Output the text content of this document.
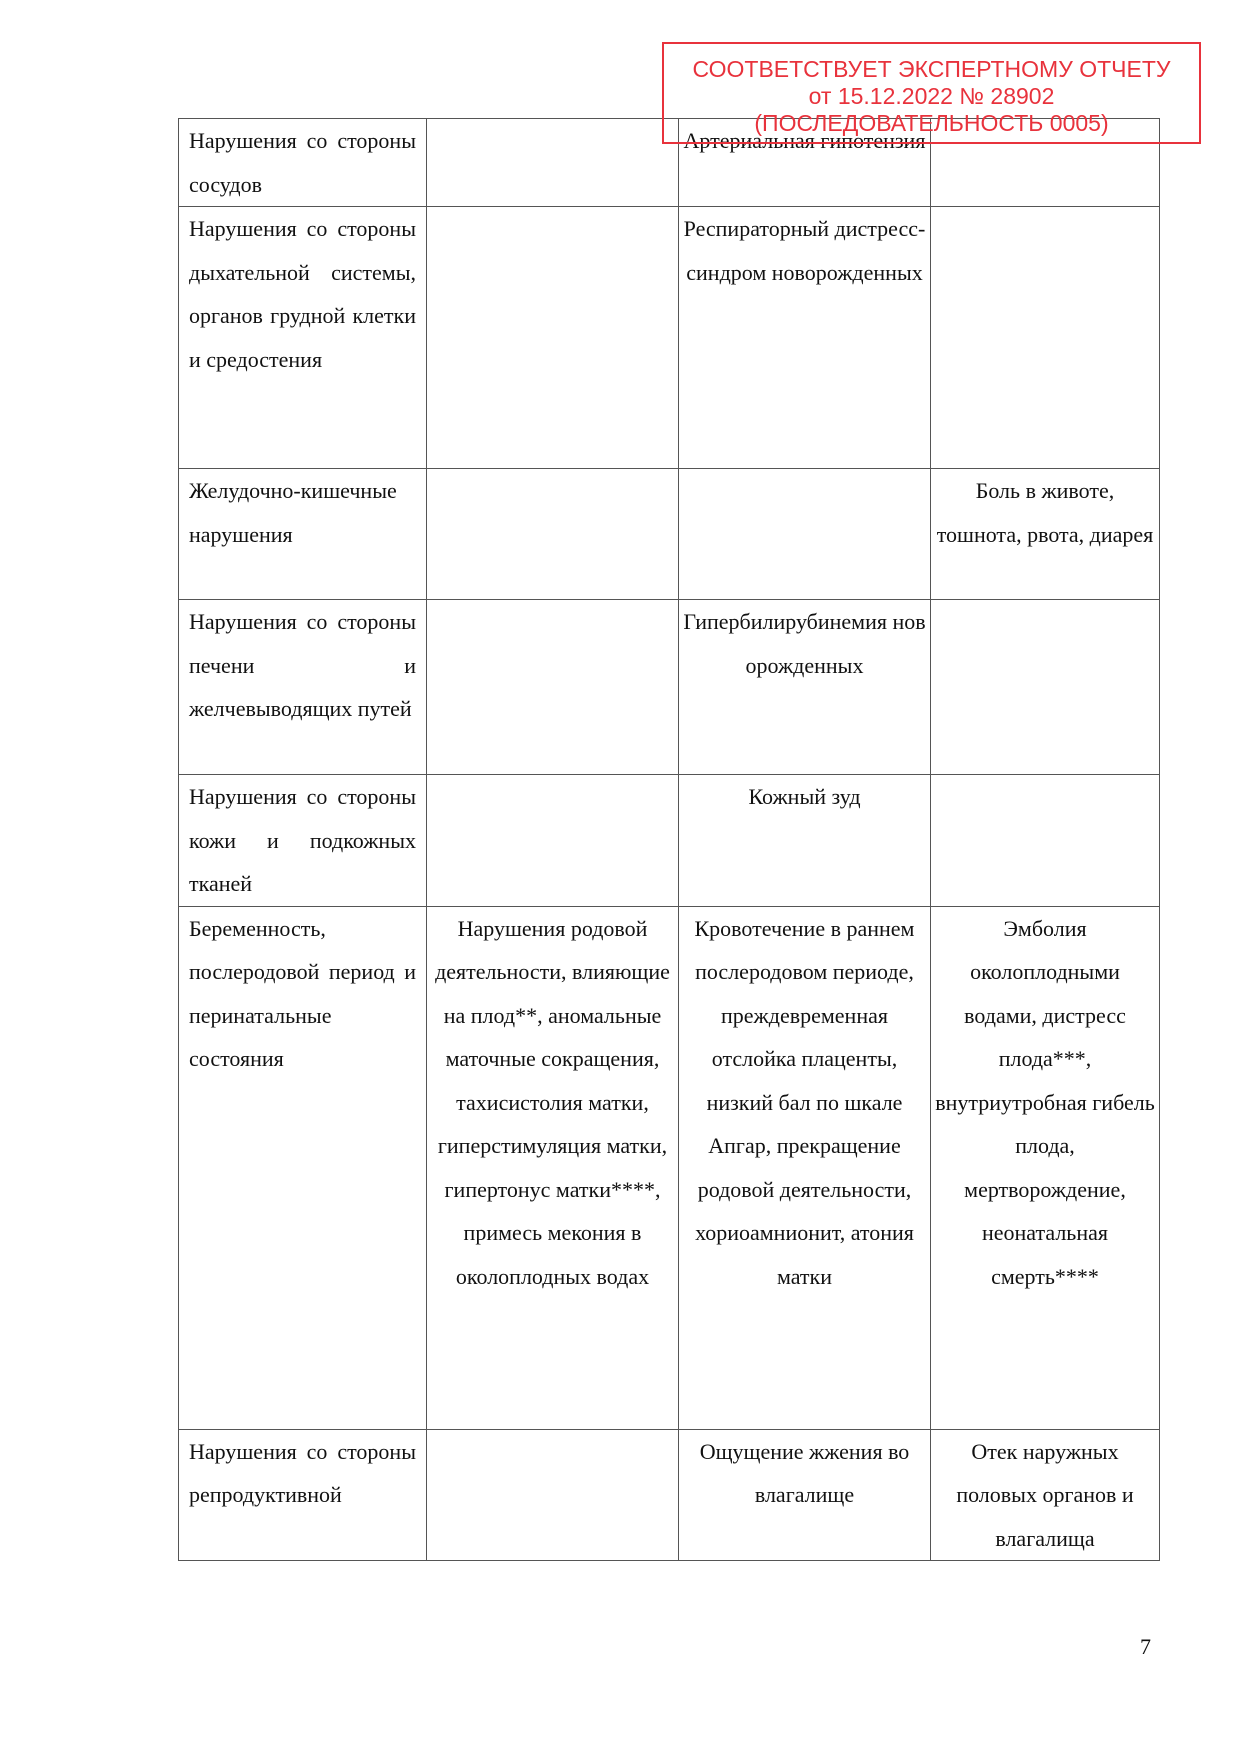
СООТВЕТСТВУЕТ ЭКСПЕРТНОМУ ОТЧЕТУ
от 15.12.2022 № 28902
(ПОСЛЕДОВАТЕЛЬНОСТЬ 0005)
Нарушения со стороны сосудов		Артериальная гипотензия	
Нарушения со стороны дыхательной системы, органов грудной клетки и средостения		Респираторный дистресс-синдром новорожденных	
Желудочно-кишечные нарушения			Боль в животе, тошнота, рвота, диарея
Нарушения со стороны печени и желчевыводящих путей		Гипербилирубинемия новорожденных	
Нарушения со стороны кожи и подкожных тканей		Кожный зуд	
Беременность, послеродовой период и перинатальные состояния	Нарушения родовой деятельности, влияющие на плод**, аномальные маточные сокращения, тахисистолия матки, гиперстимуляция матки, гипертонус матки****, примесь мекония в околоплодных водах	Кровотечение в раннем послеродовом периоде, преждевременная отслойка плаценты, низкий бал по шкале Апгар, прекращение родовой деятельности, хориоамнионит, атония матки	Эмболия околоплодными водами, дистресс плода***, внутриутробная гибель плода, мертворождение, неонатальная смерть****
Нарушения со стороны репродуктивной		Ощущение жжения во влагалище	Отек наружных половых органов и влагалища
7
